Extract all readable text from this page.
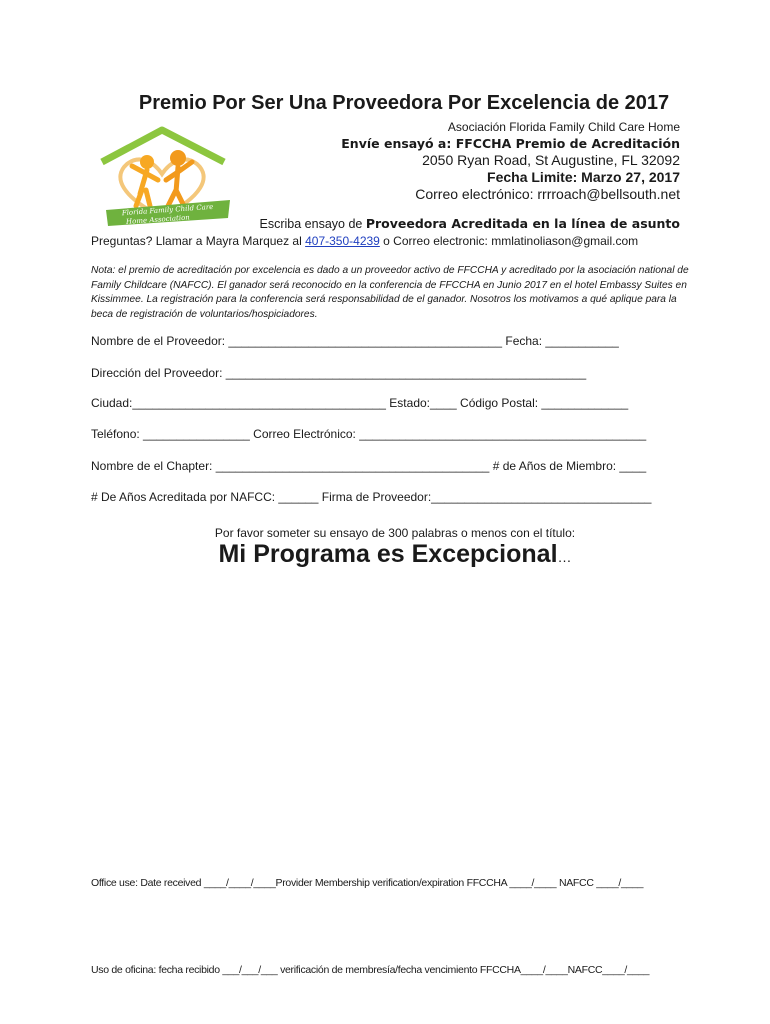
Premio Por Ser Una Proveedora Por Excelencia de 2017
Florida Family Child Care
Home Association
Asociación Florida Family Child Care Home
Envíe ensayó a: FFCCHA Premio de Acreditación
2050 Ryan Road, St Augustine, FL 32092
Fecha Limite: Marzo 27, 2017
Correo electrónico: rrrroach@bellsouth.net
Escriba ensayo de Proveedora Acreditada en la línea de asunto
Preguntas? Llamar a Mayra Marquez al 407-350-4239 o Correo electronic: mmlatinoliason@gmail.com
Nota: el premio de acreditación por excelencia es dado a un proveedor activo de FFCCHA y acreditado por la asociación national de Family Childcare (NAFCC). El ganador será reconocido en la conferencia de FFCCHA en Junio 2017 en el hotel Embassy Suites en Kissimmee. La registración para la conferencia será responsabilidad de el ganador. Nosotros los motivamos a qué aplique para la beca de registración de voluntarios/hospiciadores.
Nombre de el Proveedor: _________________________________________ Fecha: ___________
Dirección del Proveedor: ______________________________________________________
Ciudad:______________________________________ Estado:____ Código Postal: _____________
Teléfono: ________________ Correo Electrónico: ___________________________________________
Nombre de el Chapter: _________________________________________ # de Años de Miembro: ____
# De Años Acreditada por NAFCC: ______ Firma de Proveedor:_________________________________
Por favor someter su ensayo de 300 palabras o menos con el título:
Mi Programa es Excepcional…
Office use: Date received ____/____/____Provider Membership verification/expiration FFCCHA ____/____ NAFCC ____/____
Uso de oficina: fecha recibido ___/___/___ verificación de membresía/fecha vencimiento FFCCHA____/____NAFCC____/____
